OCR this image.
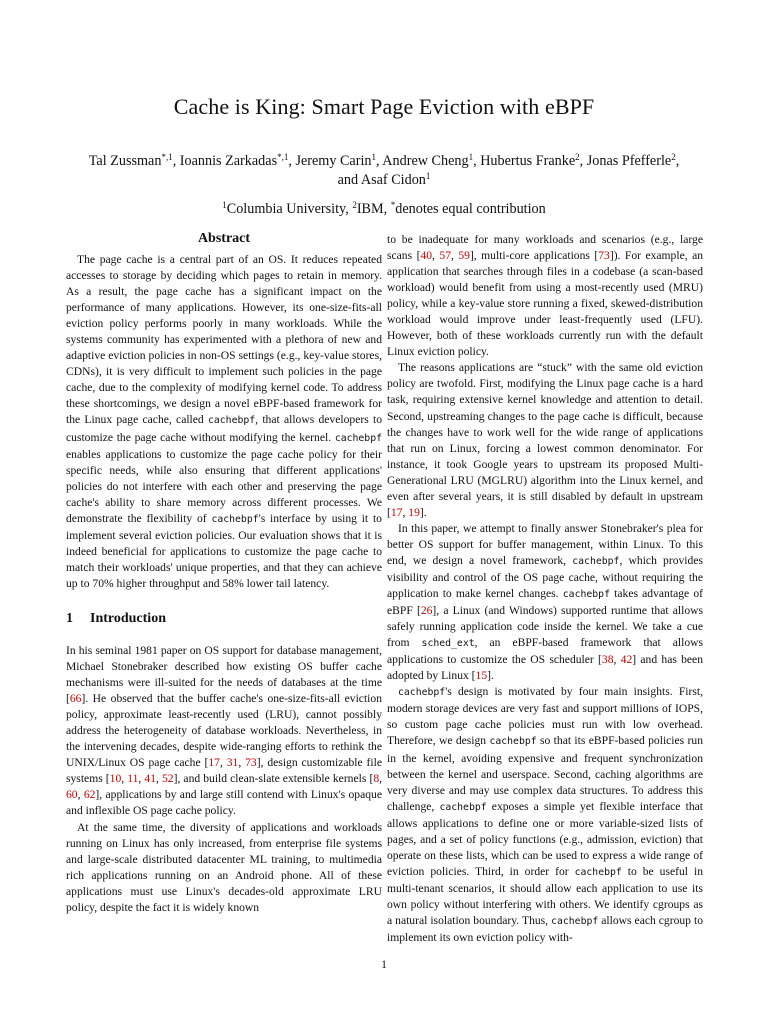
Cache is King: Smart Page Eviction with eBPF
Tal Zussman$^{*,1}$, Ioannis Zarkadas$^{*,1}$, Jeremy Carin$^1$, Andrew Cheng$^1$, Hubertus Franke$^2$, Jonas Pfefferle$^2$,
and Asaf Cidon$^1$
$^1$Columbia University, $^2$IBM, *denotes equal contribution
Abstract

The page cache is a central part of an OS. It reduces repeated accesses to storage by deciding which pages to retain in memory. As a result, the page cache has a significant impact on the performance of many applications. However, its one-size-fits-all eviction policy performs poorly in many workloads. While the systems community has experimented with a plethora of new and adaptive eviction policies in non-OS settings (e.g., key-value stores, CDNs), it is very difficult to implement such policies in the page cache, due to the complexity of modifying kernel code. To address these shortcomings, we design a novel eBPF-based framework for the Linux page cache, called cachebpf, that allows developers to customize the page cache without modifying the kernel. cachebpf enables applications to customize the page cache policy for their specific needs, while also ensuring that different applications' policies do not interfere with each other and preserving the page cache's ability to share memory across different processes. We demonstrate the flexibility of cachebpf's interface by using it to implement several eviction policies. Our evaluation shows that it is indeed beneficial for applications to customize the page cache to match their workloads' unique properties, and that they can achieve up to 70% higher throughput and 58% lower tail latency.

1 Introduction

In his seminal 1981 paper on OS support for database management, Michael Stonebraker described how existing OS buffer cache mechanisms were ill-suited for the needs of databases at the time [66]. He observed that the buffer cache's one-size-fits-all eviction policy, approximate least-recently used (LRU), cannot possibly address the heterogeneity of database workloads. Nevertheless, in the intervening decades, despite wide-ranging efforts to rethink the UNIX/Linux OS page cache [17, 31, 73], design customizable file systems [10, 11, 41, 52], and build clean-slate extensible kernels [8, 60, 62], applications by and large still contend with Linux's opaque and inflexible OS page cache policy.

At the same time, the diversity of applications and workloads running on Linux has only increased, from enterprise file systems and large-scale distributed datacenter ML training, to multimedia rich applications running on an Android phone. All of these applications must use Linux's decades-old approximate LRU policy, despite the fact it is widely known

to be inadequate for many workloads and scenarios (e.g., large scans [40, 57, 59], multi-core applications [73]). For example, an application that searches through files in a codebase (a scan-based workload) would benefit from using a most-recently used (MRU) policy, while a key-value store running a fixed, skewed-distribution workload would improve under least-frequently used (LFU). However, both of these workloads currently run with the default Linux eviction policy.

The reasons applications are “stuck” with the same old eviction policy are twofold. First, modifying the Linux page cache is a hard task, requiring extensive kernel knowledge and attention to detail. Second, upstreaming changes to the page cache is difficult, because the changes have to work well for the wide range of applications that run on Linux, forcing a lowest common denominator. For instance, it took Google years to upstream its proposed Multi-Generational LRU (MGLRU) algorithm into the Linux kernel, and even after several years, it is still disabled by default in upstream [17, 19].

In this paper, we attempt to finally answer Stonebraker's plea for better OS support for buffer management, within Linux. To this end, we design a novel framework, cachebpf, which provides visibility and control of the OS page cache, without requiring the application to make kernel changes. cachebpf takes advantage of eBPF [26], a Linux (and Windows) supported runtime that allows safely running application code inside the kernel. We take a cue from sched_ext, an eBPF-based framework that allows applications to customize the OS scheduler [38, 42] and has been adopted by Linux [15].

cachebpf's design is motivated by four main insights. First, modern storage devices are very fast and support millions of IOPS, so custom page cache policies must run with low overhead. Therefore, we design cachebpf so that its eBPF-based policies run in the kernel, avoiding expensive and frequent synchronization between the kernel and userspace. Second, caching algorithms are very diverse and may use complex data structures. To address this challenge, cachebpf exposes a simple yet flexible interface that allows applications to define one or more variable-sized lists of pages, and a set of policy functions (e.g., admission, eviction) that operate on these lists, which can be used to express a wide range of eviction policies. Third, in order for cachebpf to be useful in multi-tenant scenarios, it should allow each application to use its own policy without interfering with others. We identify cgroups as a natural isolation boundary. Thus, cachebpf allows each cgroup to implement its own eviction policy with-

1
